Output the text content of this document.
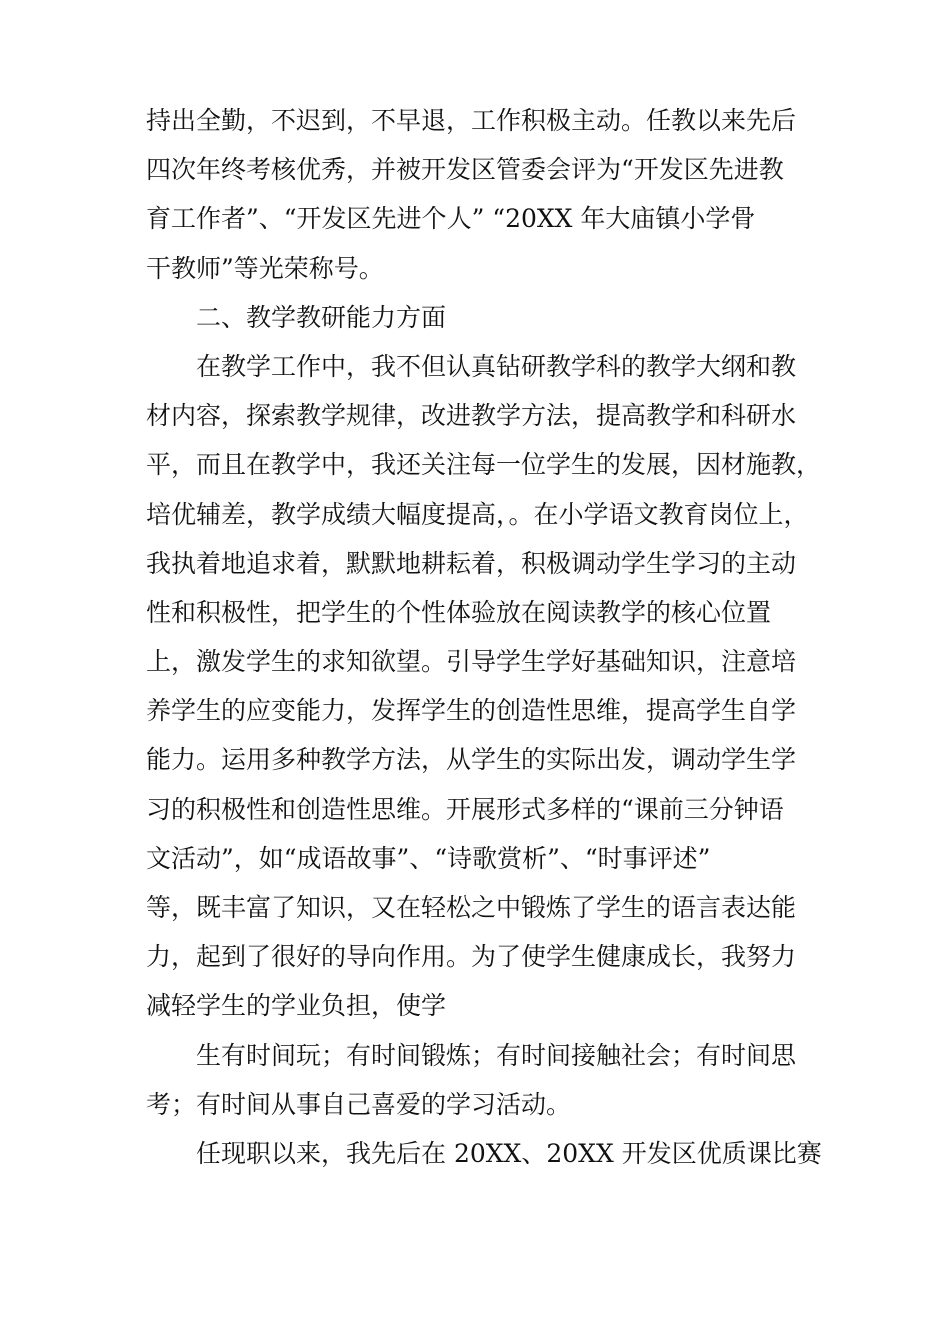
持出全勤，不迟到，不早退，工作积极主动。任教以来先后
四次年终考核优秀，并被开发区管委会评为“开发区先进教
育工作者”、“开发区先进个人” “20XX 年大庙镇小学骨
干教师”等光荣称号。
二、教学教研能力方面
在教学工作中，我不但认真钻研教学科的教学大纲和教
材内容，探索教学规律，改进教学方法，提高教学和科研水
平，而且在教学中，我还关注每一位学生的发展，因材施教，
培优辅差，教学成绩大幅度提高，。在小学语文教育岗位上，
我执着地追求着，默默地耕耘着，积极调动学生学习的主动
性和积极性，把学生的个性体验放在阅读教学的核心位置
上，激发学生的求知欲望。引导学生学好基础知识，注意培
养学生的应变能力，发挥学生的创造性思维，提高学生自学
能力。运用多种教学方法，从学生的实际出发，调动学生学
习的积极性和创造性思维。开展形式多样的“课前三分钟语
文活动”，如“成语故事”、“诗歌赏析”、“时事评述”
等，既丰富了知识，又在轻松之中锻炼了学生的语言表达能
力，起到了很好的导向作用。为了使学生健康成长，我努力
减轻学生的学业负担，使学
生有时间玩；有时间锻炼；有时间接触社会；有时间思
考；有时间从事自己喜爱的学习活动。
任现职以来，我先后在 20XX、20XX 开发区优质课比赛
